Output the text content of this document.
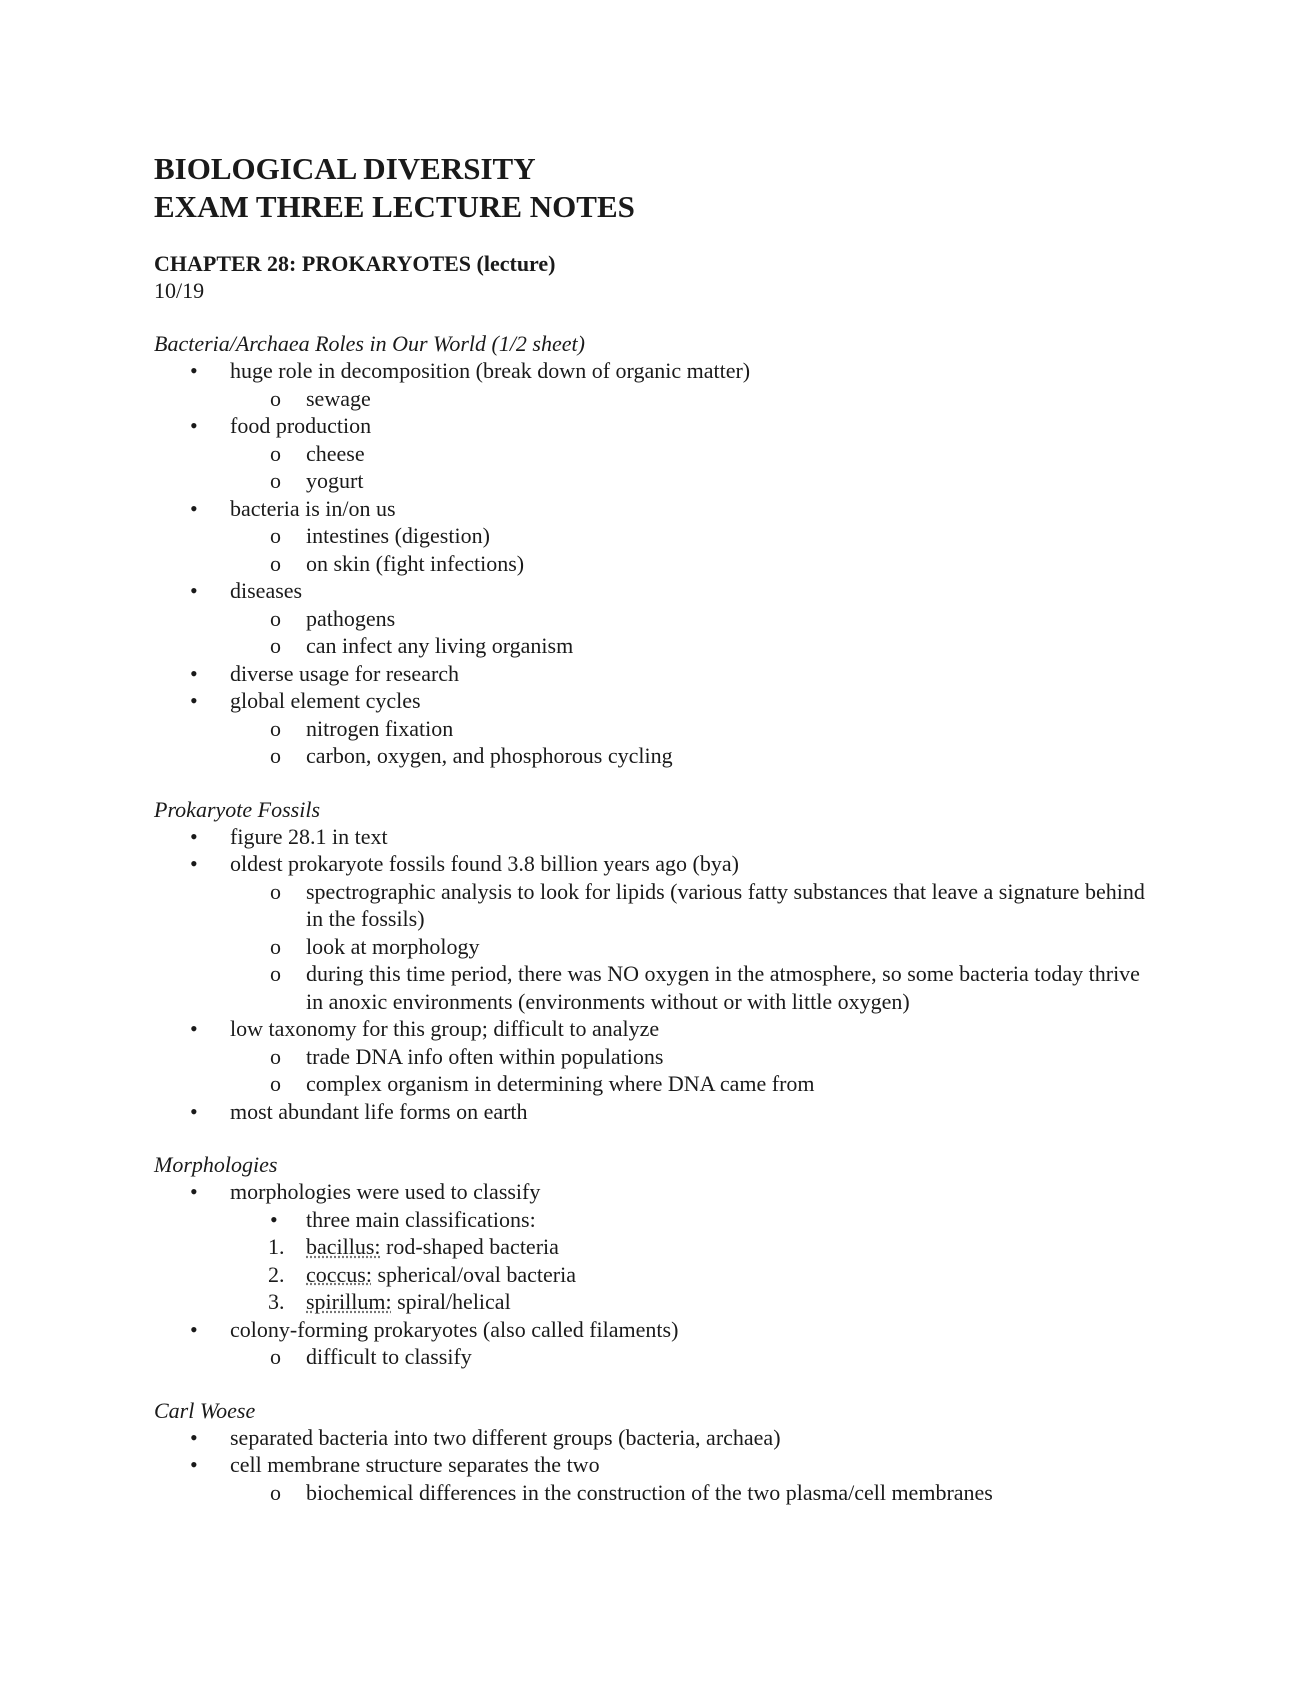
BIOLOGICAL DIVERSITY
EXAM THREE LECTURE NOTES
CHAPTER 28: PROKARYOTES (lecture)
10/19
Bacteria/Archaea Roles in Our World (1/2 sheet)
• huge role in decomposition (break down of organic matter)
o sewage
• food production
o cheese
o yogurt
• bacteria is in/on us
o intestines (digestion)
o on skin (fight infections)
• diseases
o pathogens
o can infect any living organism
• diverse usage for research
• global element cycles
o nitrogen fixation
o carbon, oxygen, and phosphorous cycling
Prokaryote Fossils
• figure 28.1 in text
• oldest prokaryote fossils found 3.8 billion years ago (bya)
o spectrographic analysis to look for lipids (various fatty substances that leave a signature behind in the fossils)
o look at morphology
o during this time period, there was NO oxygen in the atmosphere, so some bacteria today thrive in anoxic environments (environments without or with little oxygen)
• low taxonomy for this group; difficult to analyze
o trade DNA info often within populations
o complex organism in determining where DNA came from
• most abundant life forms on earth
Morphologies
• morphologies were used to classify
• three main classifications:
1. bacillus: rod-shaped bacteria
2. coccus: spherical/oval bacteria
3. spirillum: spiral/helical
• colony-forming prokaryotes (also called filaments)
o difficult to classify
Carl Woese
• separated bacteria into two different groups (bacteria, archaea)
• cell membrane structure separates the two
o biochemical differences in the construction of the two plasma/cell membranes
